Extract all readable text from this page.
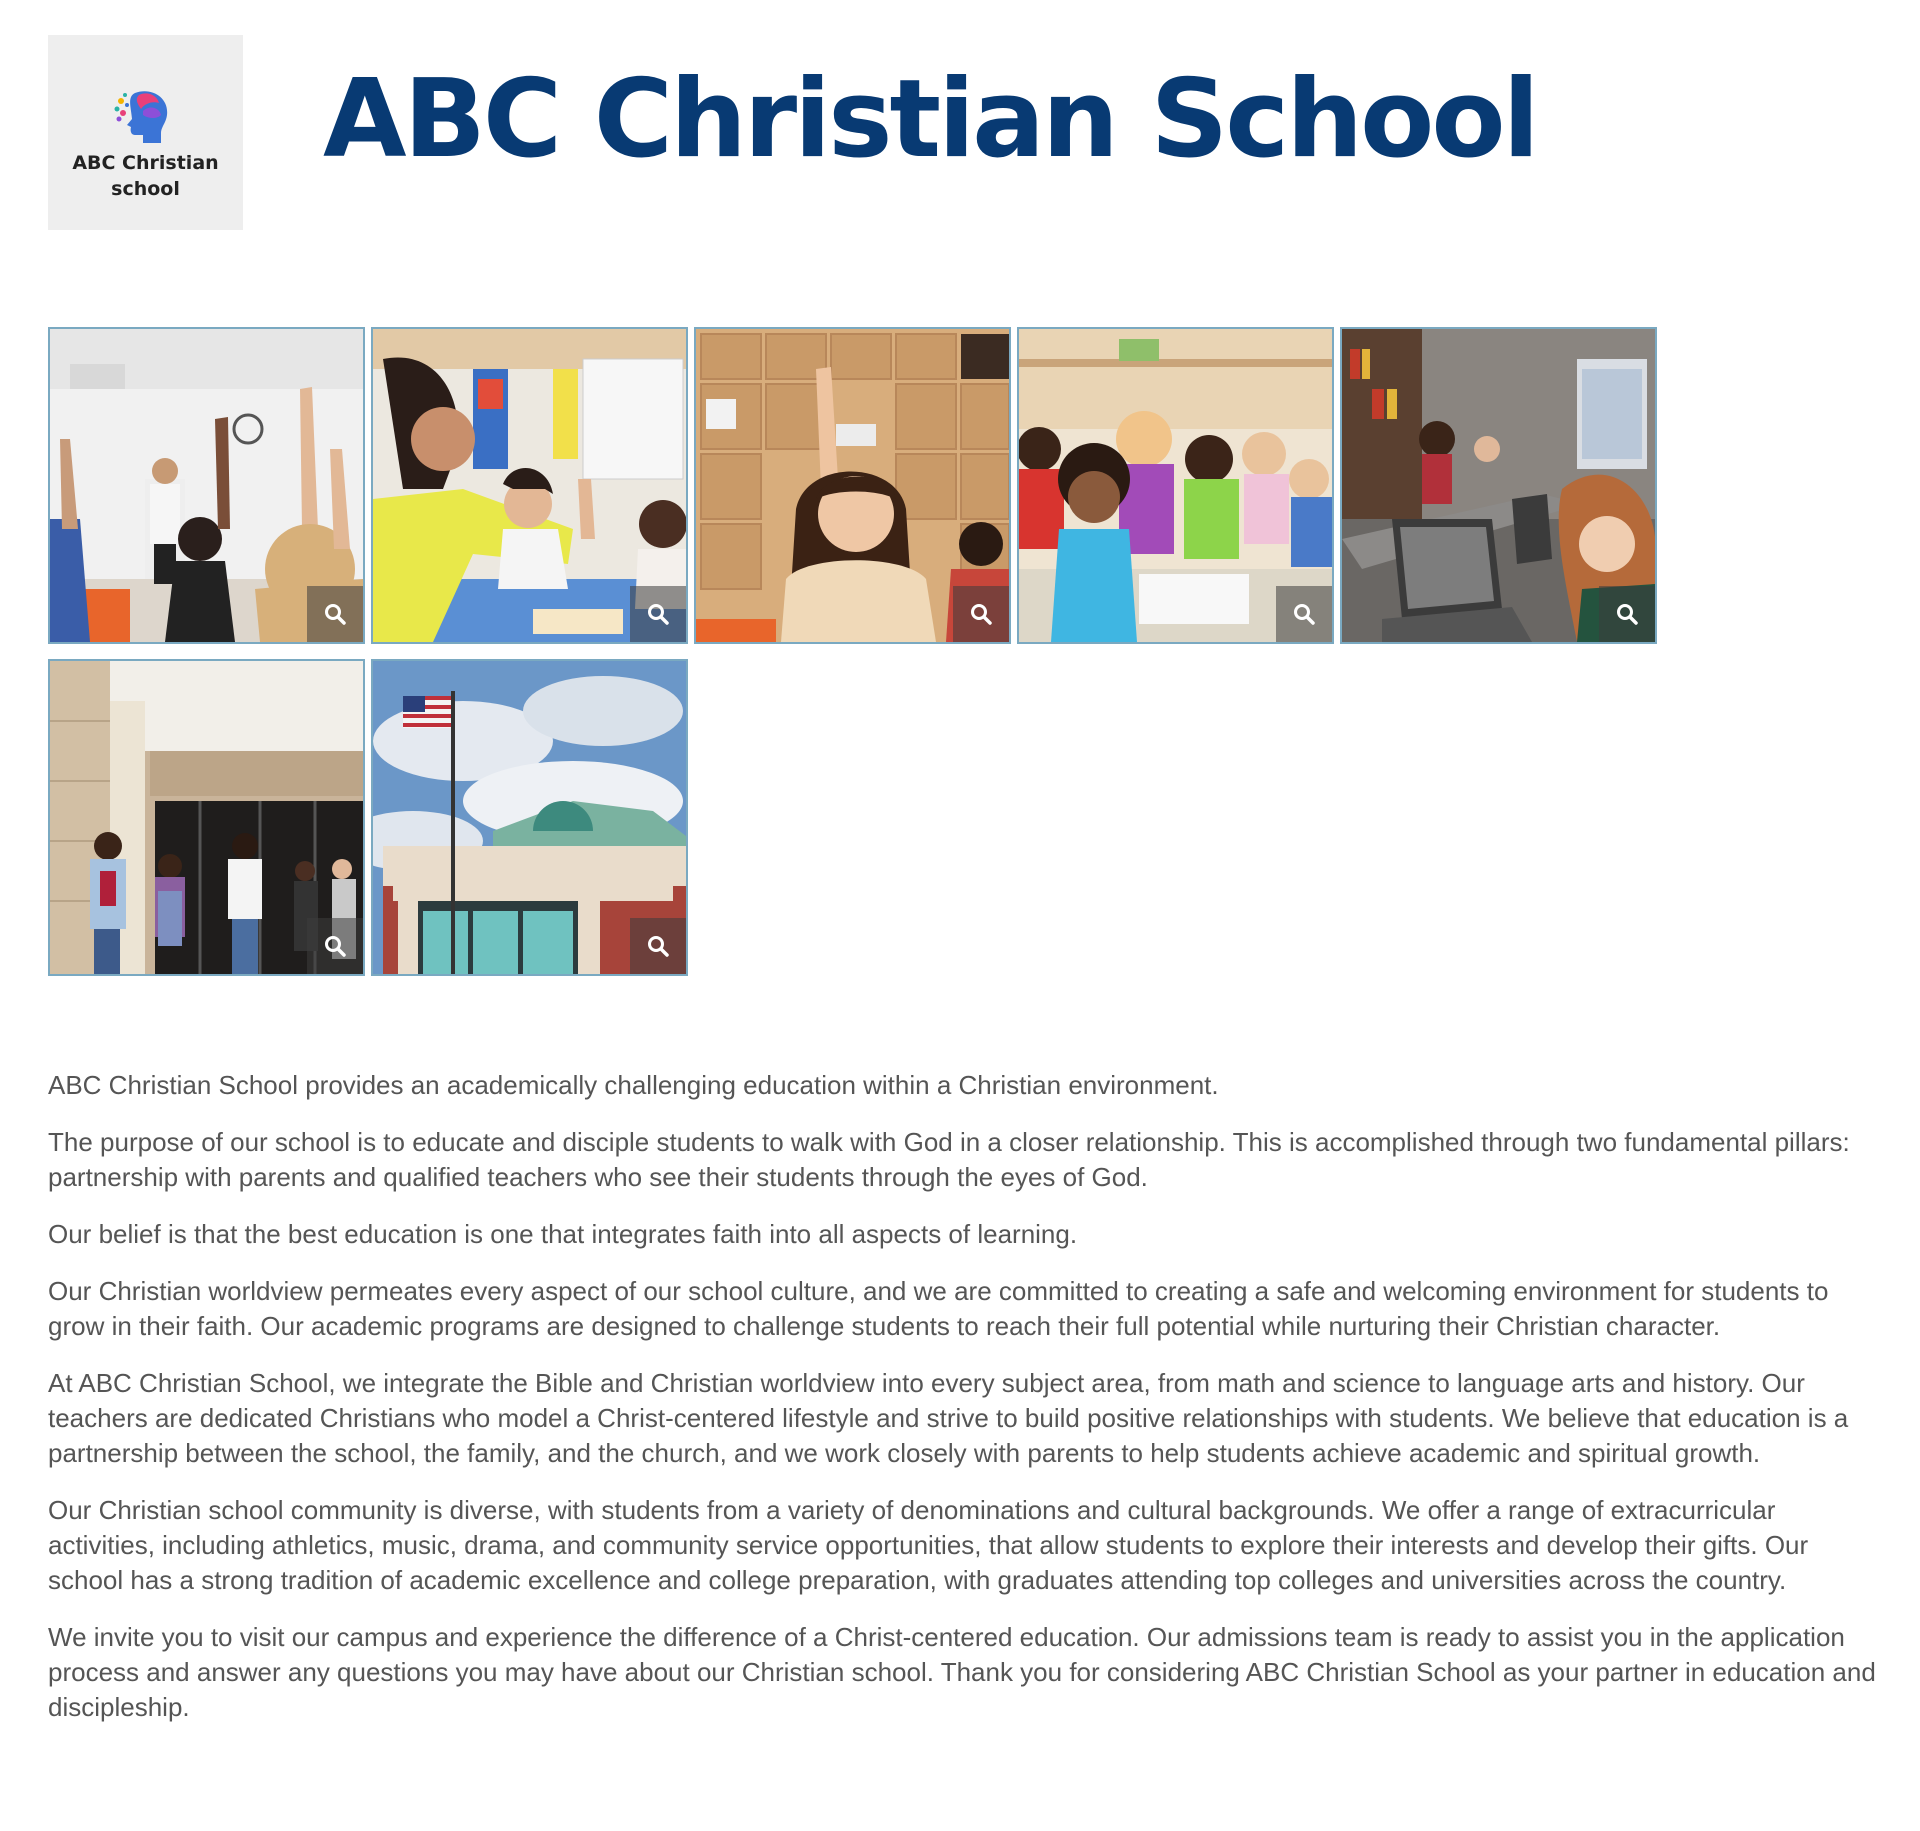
ABC Christian
school
ABC Christian School

ABC Christian School provides an academically challenging education within a Christian environment.

The purpose of our school is to educate and disciple students to walk with God in a closer relationship. This is accomplished through two fundamental pillars: partnership with parents and qualified teachers who see their students through the eyes of God.

Our belief is that the best education is one that integrates faith into all aspects of learning.

Our Christian worldview permeates every aspect of our school culture, and we are committed to creating a safe and welcoming environment for students to grow in their faith. Our academic programs are designed to challenge students to reach their full potential while nurturing their Christian character.

At ABC Christian School, we integrate the Bible and Christian worldview into every subject area, from math and science to language arts and history. Our teachers are dedicated Christians who model a Christ-centered lifestyle and strive to build positive relationships with students. We believe that education is a partnership between the school, the family, and the church, and we work closely with parents to help students achieve academic and spiritual growth.

Our Christian school community is diverse, with students from a variety of denominations and cultural backgrounds. We offer a range of extracurricular activities, including athletics, music, drama, and community service opportunities, that allow students to explore their interests and develop their gifts. Our school has a strong tradition of academic excellence and college preparation, with graduates attending top colleges and universities across the country.

We invite you to visit our campus and experience the difference of a Christ-centered education. Our admissions team is ready to assist you in the application process and answer any questions you may have about our Christian school. Thank you for considering ABC Christian School as your partner in education and discipleship.
